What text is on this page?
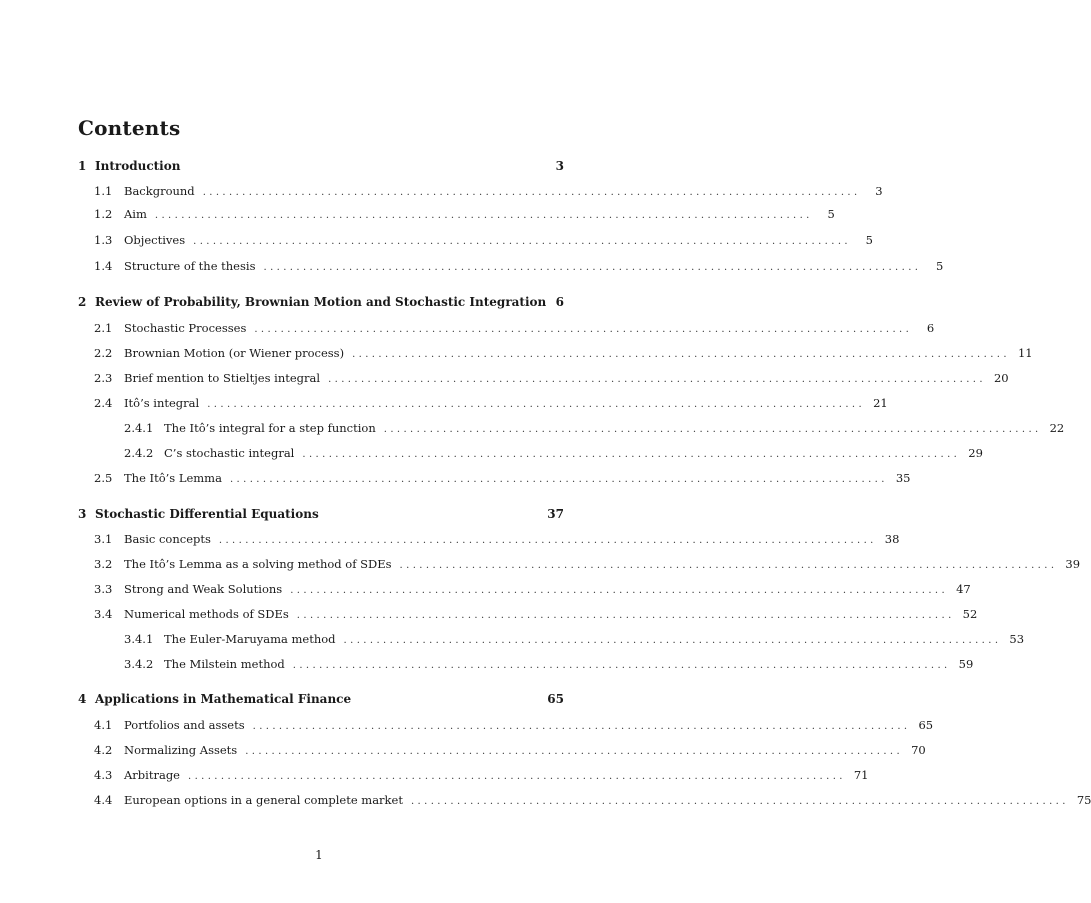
Contents
1 Introduction	3
1.1	Background ....................................................................................................	3
1.2	Aim ....................................................................................................	5
1.3	Objectives ....................................................................................................	5
1.4	Structure of the thesis ....................................................................................................	5
2 Review of Probability, Brownian Motion and Stochastic Integration 6
2.1	Stochastic Processes ....................................................................................................	6
2.2	Brownian Motion (or Wiener process) .................................................................................................... 11
2.3	Brief mention to Stieltjes integral .................................................................................................... 20
2.4	Itô’s integral .................................................................................................... 21
2.4.1 The Itô’s integral for a step function .................................................................................................... 22
2.4.2 C’s stochastic integral .................................................................................................... 29
2.5	The Itô’s Lemma .................................................................................................... 35
3 Stochastic Differential Equations	37
3.1	Basic concepts .................................................................................................... 38
3.2	The Itô’s Lemma as a solving method of SDEs .................................................................................................... 39
3.3	Strong and Weak Solutions .................................................................................................... 47
3.4	Numerical methods of SDEs .................................................................................................... 52
3.4.1 The Euler-Maruyama method .................................................................................................... 53
3.4.2 The Milstein method .................................................................................................... 59
4 Applications in Mathematical Finance	65
4.1	Portfolios and assets .................................................................................................... 65
4.2	Normalizing Assets .................................................................................................... 70
4.3	Arbitrage .................................................................................................... 71
4.4	European options in a general complete market .................................................................................................... 75
1
